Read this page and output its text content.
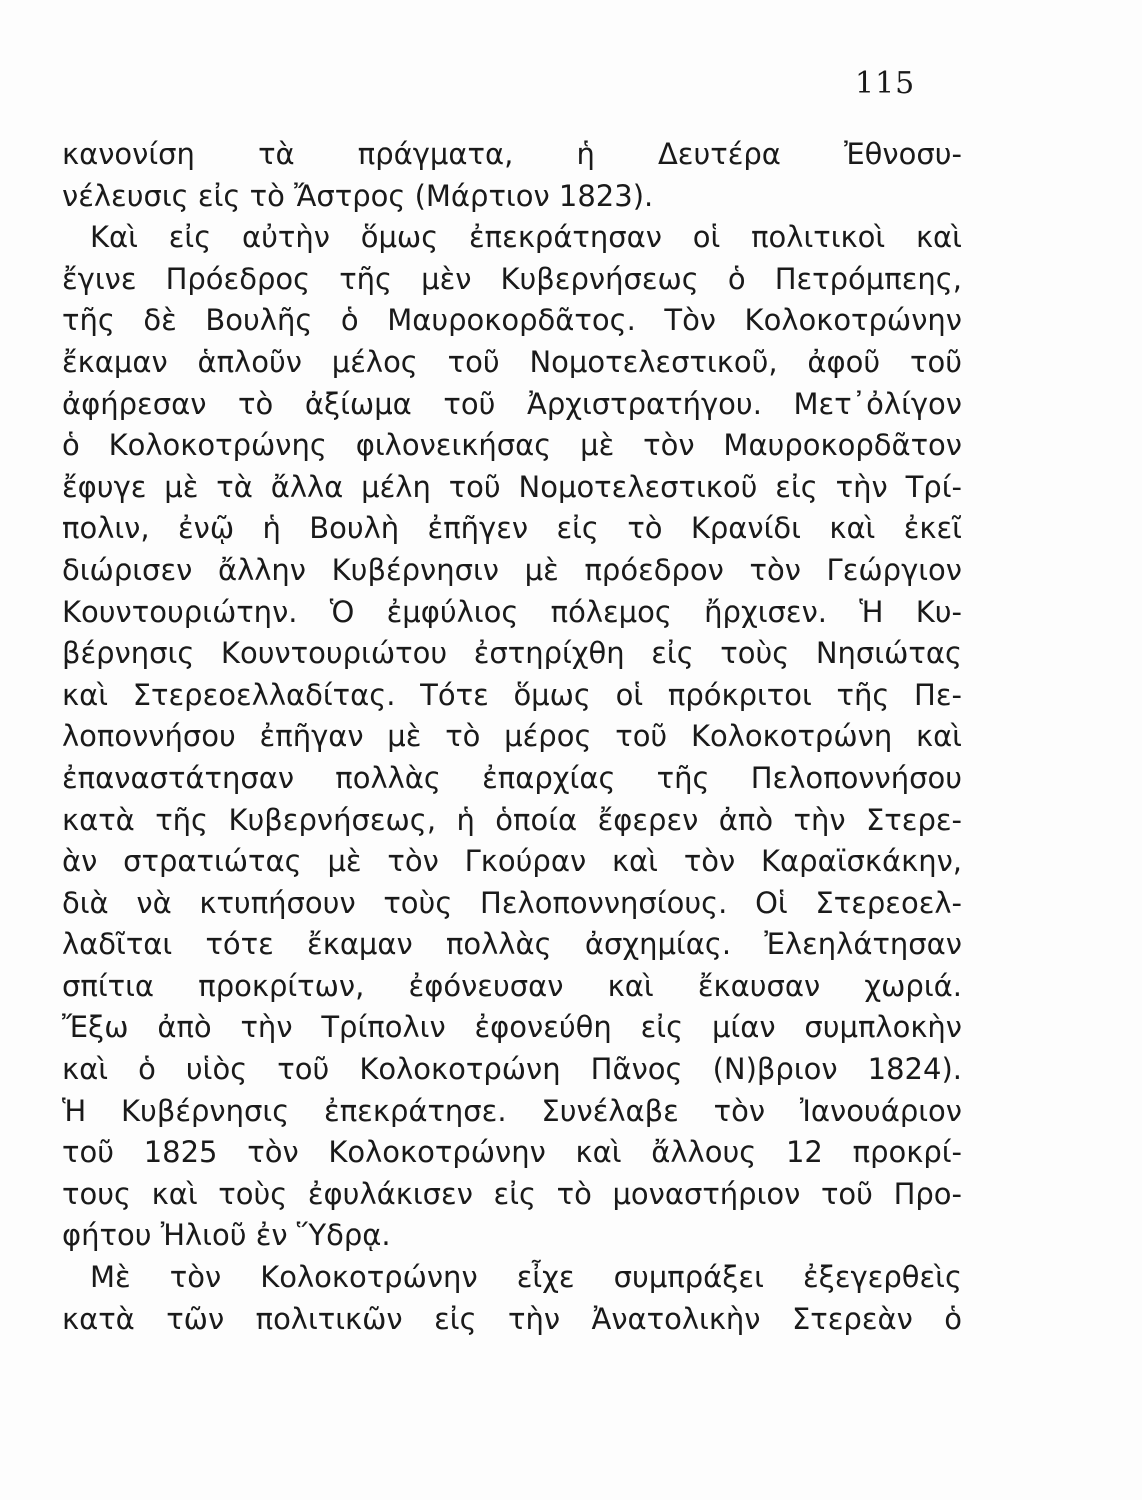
115
κανονίση τὰ πράγματα, ἡ Δευτέρα Ἐθνοσυ-
νέλευσις εἰς τὸ Ἄστρος (Μάρτιον 1823).
Καὶ εἰς αὐτὴν ὅμως ἐπεκράτησαν οἱ πολιτικοὶ καὶ
ἔγινε Πρόεδρος τῆς μὲν Κυβερνήσεως ὁ Πετρόμπεης,
τῆς δὲ Βουλῆς ὁ Μαυροκορδᾶτος. Τὸν Κολοκοτρώνην
ἔκαμαν ἁπλοῦν μέλος τοῦ Νομοτελεστικοῦ, ἀφοῦ τοῦ
ἀφήρεσαν τὸ ἀξίωμα τοῦ Ἀρχιστρατήγου. Μετ᾿ὀλίγον
ὁ Κολοκοτρώνης φιλονεικήσας μὲ τὸν Μαυροκορδᾶτον
ἔφυγε μὲ τὰ ἄλλα μέλη τοῦ Νομοτελεστικοῦ εἰς τὴν Τρί-
πολιν, ἐνῷ ἡ Βουλὴ ἐπῆγεν εἰς τὸ Κρανίδι καὶ ἐκεῖ
διώρισεν ἄλλην Κυβέρνησιν μὲ πρόεδρον τὸν Γεώργιον
Κουντουριώτην. Ὁ ἐμφύλιος πόλεμος ἤρχισεν. Ἡ Κυ-
βέρνησις Κουντουριώτου ἐστηρίχθη εἰς τοὺς Νησιώτας
καὶ Στερεοελλαδίτας. Τότε ὅμως οἱ πρόκριτοι τῆς Πε-
λοποννήσου ἐπῆγαν μὲ τὸ μέρος τοῦ Κολοκοτρώνη καὶ
ἐπαναστάτησαν πολλὰς ἐπαρχίας τῆς Πελοποννήσου
κατὰ τῆς Κυβερνήσεως, ἡ ὁποία ἔφερεν ἀπὸ τὴν Στερε-
ὰν στρατιώτας μὲ τὸν Γκούραν καὶ τὸν Καραϊσκάκην,
διὰ νὰ κτυπήσουν τοὺς Πελοποννησίους. Οἱ Στερεοελ-
λαδῖται τότε ἔκαμαν πολλὰς ἀσχημίας. Ἐλεηλάτησαν
σπίτια προκρίτων, ἐφόνευσαν καὶ ἔκαυσαν χωριά.
Ἔξω ἀπὸ τὴν Τρίπολιν ἐφονεύθη εἰς μίαν συμπλοκὴν
καὶ ὁ υἱὸς τοῦ Κολοκοτρώνη Πᾶνος (Ν)βριον 1824).
Ἡ Κυβέρνησις ἐπεκράτησε. Συνέλαβε τὸν Ἰανουάριον
τοῦ 1825 τὸν Κολοκοτρώνην καὶ ἄλλους 12 προκρί-
τους καὶ τοὺς ἐφυλάκισεν εἰς τὸ μοναστήριον τοῦ Προ-
φήτου Ἠλιοῦ ἐν Ὕδρᾳ.
Μὲ τὸν Κολοκοτρώνην εἶχε συμπράξει ἐξεγερθεὶς
κατὰ τῶν πολιτικῶν εἰς τὴν Ἀνατολικὴν Στερεὰν ὁ
